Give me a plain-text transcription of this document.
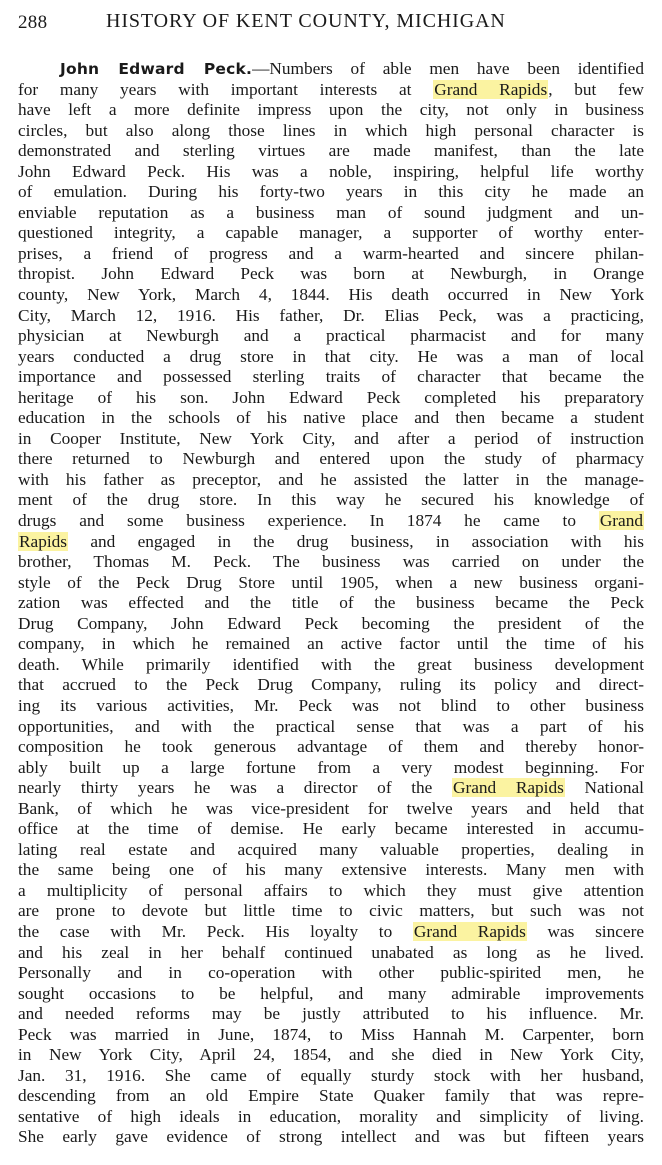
288	HISTORY OF KENT COUNTY, MICHIGAN
John Edward Peck.—Numbers of able men have been identified
for many years with important interests at Grand Rapids, but few
have left a more definite impress upon the city, not only in business
circles, but also along those lines in which high personal character is
demonstrated and sterling virtues are made manifest, than the late
John Edward Peck. His was a noble, inspiring, helpful life worthy
of emulation. During his forty-two years in this city he made an
enviable reputation as a business man of sound judgment and un-
questioned integrity, a capable manager, a supporter of worthy enter-
prises, a friend of progress and a warm-hearted and sincere philan-
thropist. John Edward Peck was born at Newburgh, in Orange
county, New York, March 4, 1844. His death occurred in New York
City, March 12, 1916. His father, Dr. Elias Peck, was a practicing,
physician at Newburgh and a practical pharmacist and for many
years conducted a drug store in that city. He was a man of local
importance and possessed sterling traits of character that became the
heritage of his son. John Edward Peck completed his preparatory
education in the schools of his native place and then became a student
in Cooper Institute, New York City, and after a period of instruction
there returned to Newburgh and entered upon the study of pharmacy
with his father as preceptor, and he assisted the latter in the manage-
ment of the drug store. In this way he secured his knowledge of
drugs and some business experience. In 1874 he came to Grand
Rapids and engaged in the drug business, in association with his
brother, Thomas M. Peck. The business was carried on under the
style of the Peck Drug Store until 1905, when a new business organi-
zation was effected and the title of the business became the Peck
Drug Company, John Edward Peck becoming the president of the
company, in which he remained an active factor until the time of his
death. While primarily identified with the great business development
that accrued to the Peck Drug Company, ruling its policy and direct-
ing its various activities, Mr. Peck was not blind to other business
opportunities, and with the practical sense that was a part of his
composition he took generous advantage of them and thereby honor-
ably built up a large fortune from a very modest beginning. For
nearly thirty years he was a director of the Grand Rapids National
Bank, of which he was vice-president for twelve years and held that
office at the time of demise. He early became interested in accumu-
lating real estate and acquired many valuable properties, dealing in
the same being one of his many extensive interests. Many men with
a multiplicity of personal affairs to which they must give attention
are prone to devote but little time to civic matters, but such was not
the case with Mr. Peck. His loyalty to Grand Rapids was sincere
and his zeal in her behalf continued unabated as long as he lived.
Personally and in co-operation with other public-spirited men, he
sought occasions to be helpful, and many admirable improvements
and needed reforms may be justly attributed to his influence. Mr.
Peck was married in June, 1874, to Miss Hannah M. Carpenter, born
in New York City, April 24, 1854, and she died in New York City,
Jan. 31, 1916. She came of equally sturdy stock with her husband,
descending from an old Empire State Quaker family that was repre-
sentative of high ideals in education, morality and simplicity of living.
She early gave evidence of strong intellect and was but fifteen years
